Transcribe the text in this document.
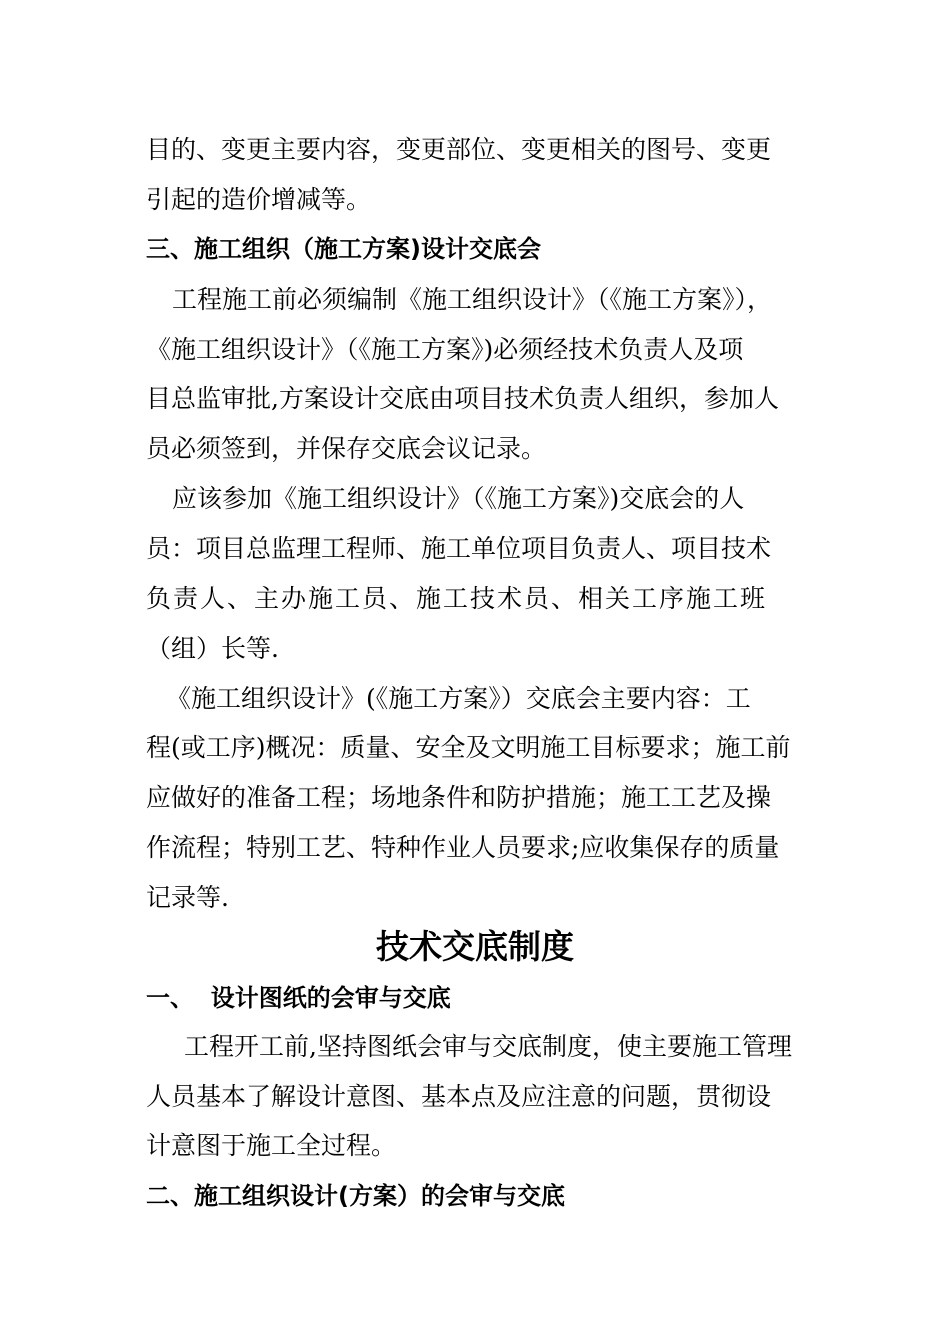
目的、变更主要内容，变更部位、变更相关的图号、变更
引起的造价增减等。
三、施工组织（施工方案)设计交底会
工程施工前必须编制《施工组织设计》（《施工方案》），
《施工组织设计》（《施工方案》)必须经技术负责人及项
目总监审批,方案设计交底由项目技术负责人组织，参加人
员必须签到，并保存交底会议记录。
应该参加《施工组织设计》（《施工方案》)交底会的人
员：项目总监理工程师、施工单位项目负责人、项目技术
负责人、主办施工员、施工技术员、相关工序施工班
（组）长等.
《施工组织设计》(《施工方案》）交底会主要内容：工
程(或工序)概况：质量、安全及文明施工目标要求；施工前
应做好的准备工程；场地条件和防护措施；施工工艺及操
作流程；特别工艺、特种作业人员要求;应收集保存的质量
记录等.
技术交底制度
一、  设计图纸的会审与交底
工程开工前,坚持图纸会审与交底制度，使主要施工管理
人员基本了解设计意图、基本点及应注意的问题，贯彻设
计意图于施工全过程。
二、施工组织设计(方案）的会审与交底
